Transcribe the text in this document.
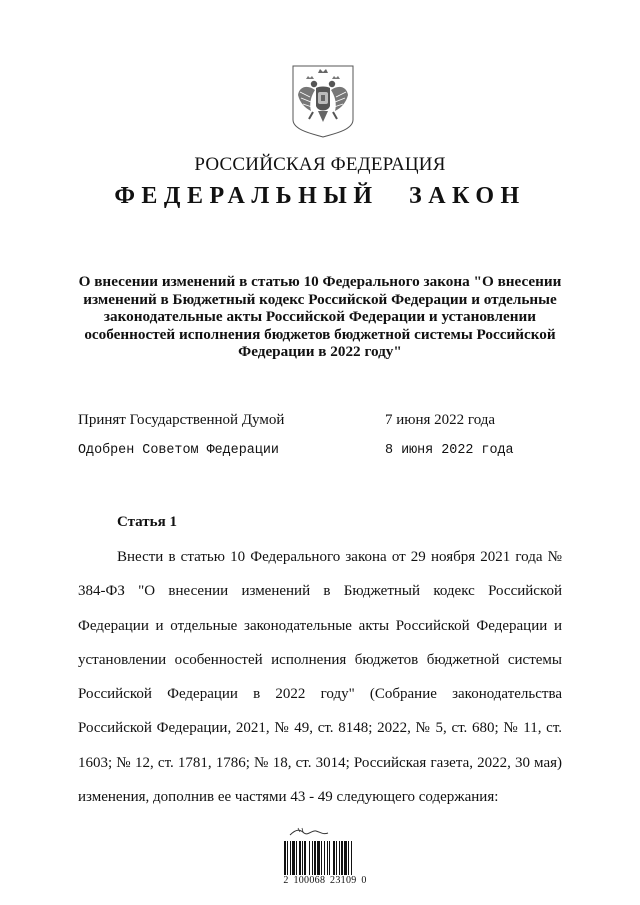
РОССИЙСКАЯ ФЕДЕРАЦИЯ
ФЕДЕРАЛЬНЫЙ ЗАКОН
О внесении изменений в статью 10 Федерального закона "О внесении изменений в Бюджетный кодекс Российской Федерации и отдельные законодательные акты Российской Федерации и установлении особенностей исполнения бюджетов бюджетной системы Российской Федерации в 2022 году"
Принят Государственной Думой	7 июня 2022 года
Одобрен Советом Федерации	8 июня 2022 года
Статья 1

Внести в статью 10 Федерального закона от 29 ноября 2021 года № 384-ФЗ "О внесении изменений в Бюджетный кодекс Российской Федерации и отдельные законодательные акты Российской Федерации и установлении особенностей исполнения бюджетов бюджетной системы Российской Федерации в 2022 году" (Собрание законодательства Российской Федерации, 2021, № 49, ст. 8148; 2022, № 5, ст. 680; № 11, ст. 1603; № 12, ст. 1781, 1786; № 18, ст. 3014; Российская газета, 2022, 30 мая) изменения, дополнив ее частями 43 - 49 следующего содержания:

2 100068 23109 0
